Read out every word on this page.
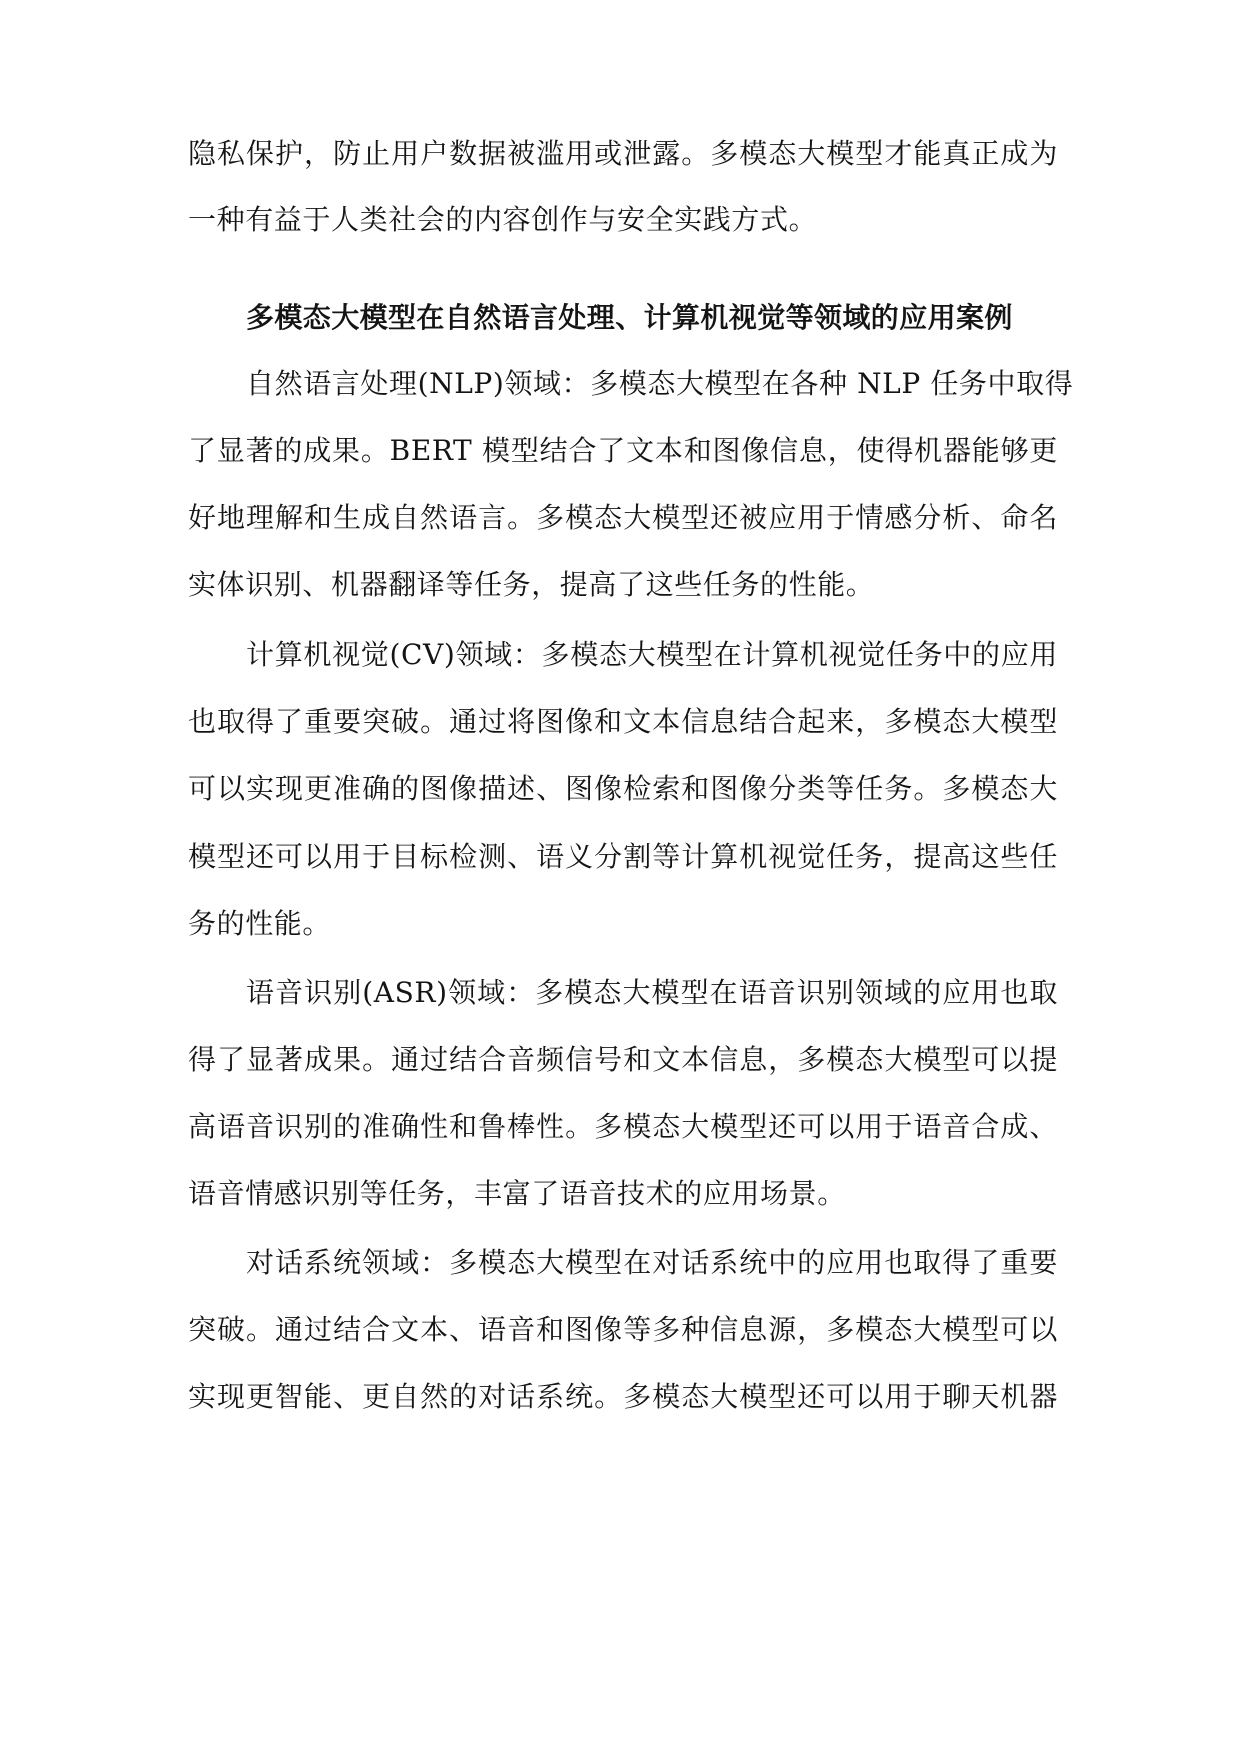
隐私保护，防止用户数据被滥用或泄露。多模态大模型才能真正成为
一种有益于人类社会的内容创作与安全实践方式。
多模态大模型在自然语言处理、计算机视觉等领域的应用案例
自然语言处理(NLP)领域：多模态大模型在各种 NLP 任务中取得
了显著的成果。BERT 模型结合了文本和图像信息，使得机器能够更
好地理解和生成自然语言。多模态大模型还被应用于情感分析、命名
实体识别、机器翻译等任务，提高了这些任务的性能。
计算机视觉(CV)领域：多模态大模型在计算机视觉任务中的应用
也取得了重要突破。通过将图像和文本信息结合起来，多模态大模型
可以实现更准确的图像描述、图像检索和图像分类等任务。多模态大
模型还可以用于目标检测、语义分割等计算机视觉任务，提高这些任
务的性能。
语音识别(ASR)领域：多模态大模型在语音识别领域的应用也取
得了显著成果。通过结合音频信号和文本信息，多模态大模型可以提
高语音识别的准确性和鲁棒性。多模态大模型还可以用于语音合成、
语音情感识别等任务，丰富了语音技术的应用场景。
对话系统领域：多模态大模型在对话系统中的应用也取得了重要
突破。通过结合文本、语音和图像等多种信息源，多模态大模型可以
实现更智能、更自然的对话系统。多模态大模型还可以用于聊天机器
